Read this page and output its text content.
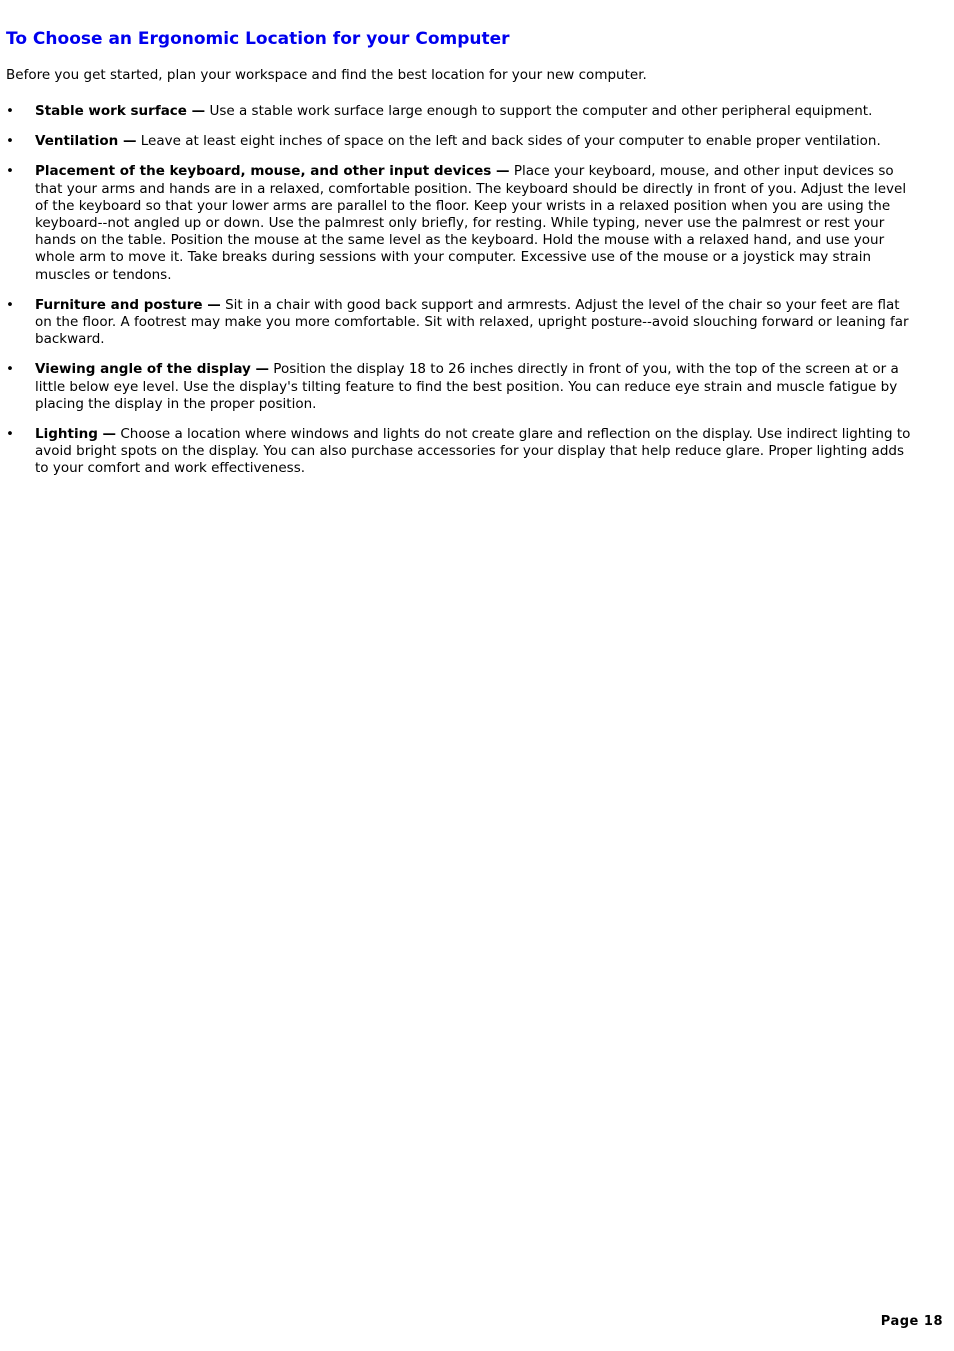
To Choose an Ergonomic Location for your Computer

Before you get started, plan your workspace and find the best location for your new computer.

• Stable work surface — Use a stable work surface large enough to support the computer and other peripheral equipment.
• Ventilation — Leave at least eight inches of space on the left and back sides of your computer to enable proper ventilation.
• Placement of the keyboard, mouse, and other input devices — Place your keyboard, mouse, and other input devices so that your arms and hands are in a relaxed, comfortable position. The keyboard should be directly in front of you. Adjust the level of the keyboard so that your lower arms are parallel to the floor. Keep your wrists in a relaxed position when you are using the keyboard--not angled up or down. Use the palmrest only briefly, for resting. While typing, never use the palmrest or rest your hands on the table. Position the mouse at the same level as the keyboard. Hold the mouse with a relaxed hand, and use your whole arm to move it. Take breaks during sessions with your computer. Excessive use of the mouse or a joystick may strain muscles or tendons.
• Furniture and posture — Sit in a chair with good back support and armrests. Adjust the level of the chair so your feet are flat on the floor. A footrest may make you more comfortable. Sit with relaxed, upright posture--avoid slouching forward or leaning far backward.
• Viewing angle of the display — Position the display 18 to 26 inches directly in front of you, with the top of the screen at or a little below eye level. Use the display's tilting feature to find the best position. You can reduce eye strain and muscle fatigue by placing the display in the proper position.
• Lighting — Choose a location where windows and lights do not create glare and reflection on the display. Use indirect lighting to avoid bright spots on the display. You can also purchase accessories for your display that help reduce glare. Proper lighting adds to your comfort and work effectiveness.
Page 18
